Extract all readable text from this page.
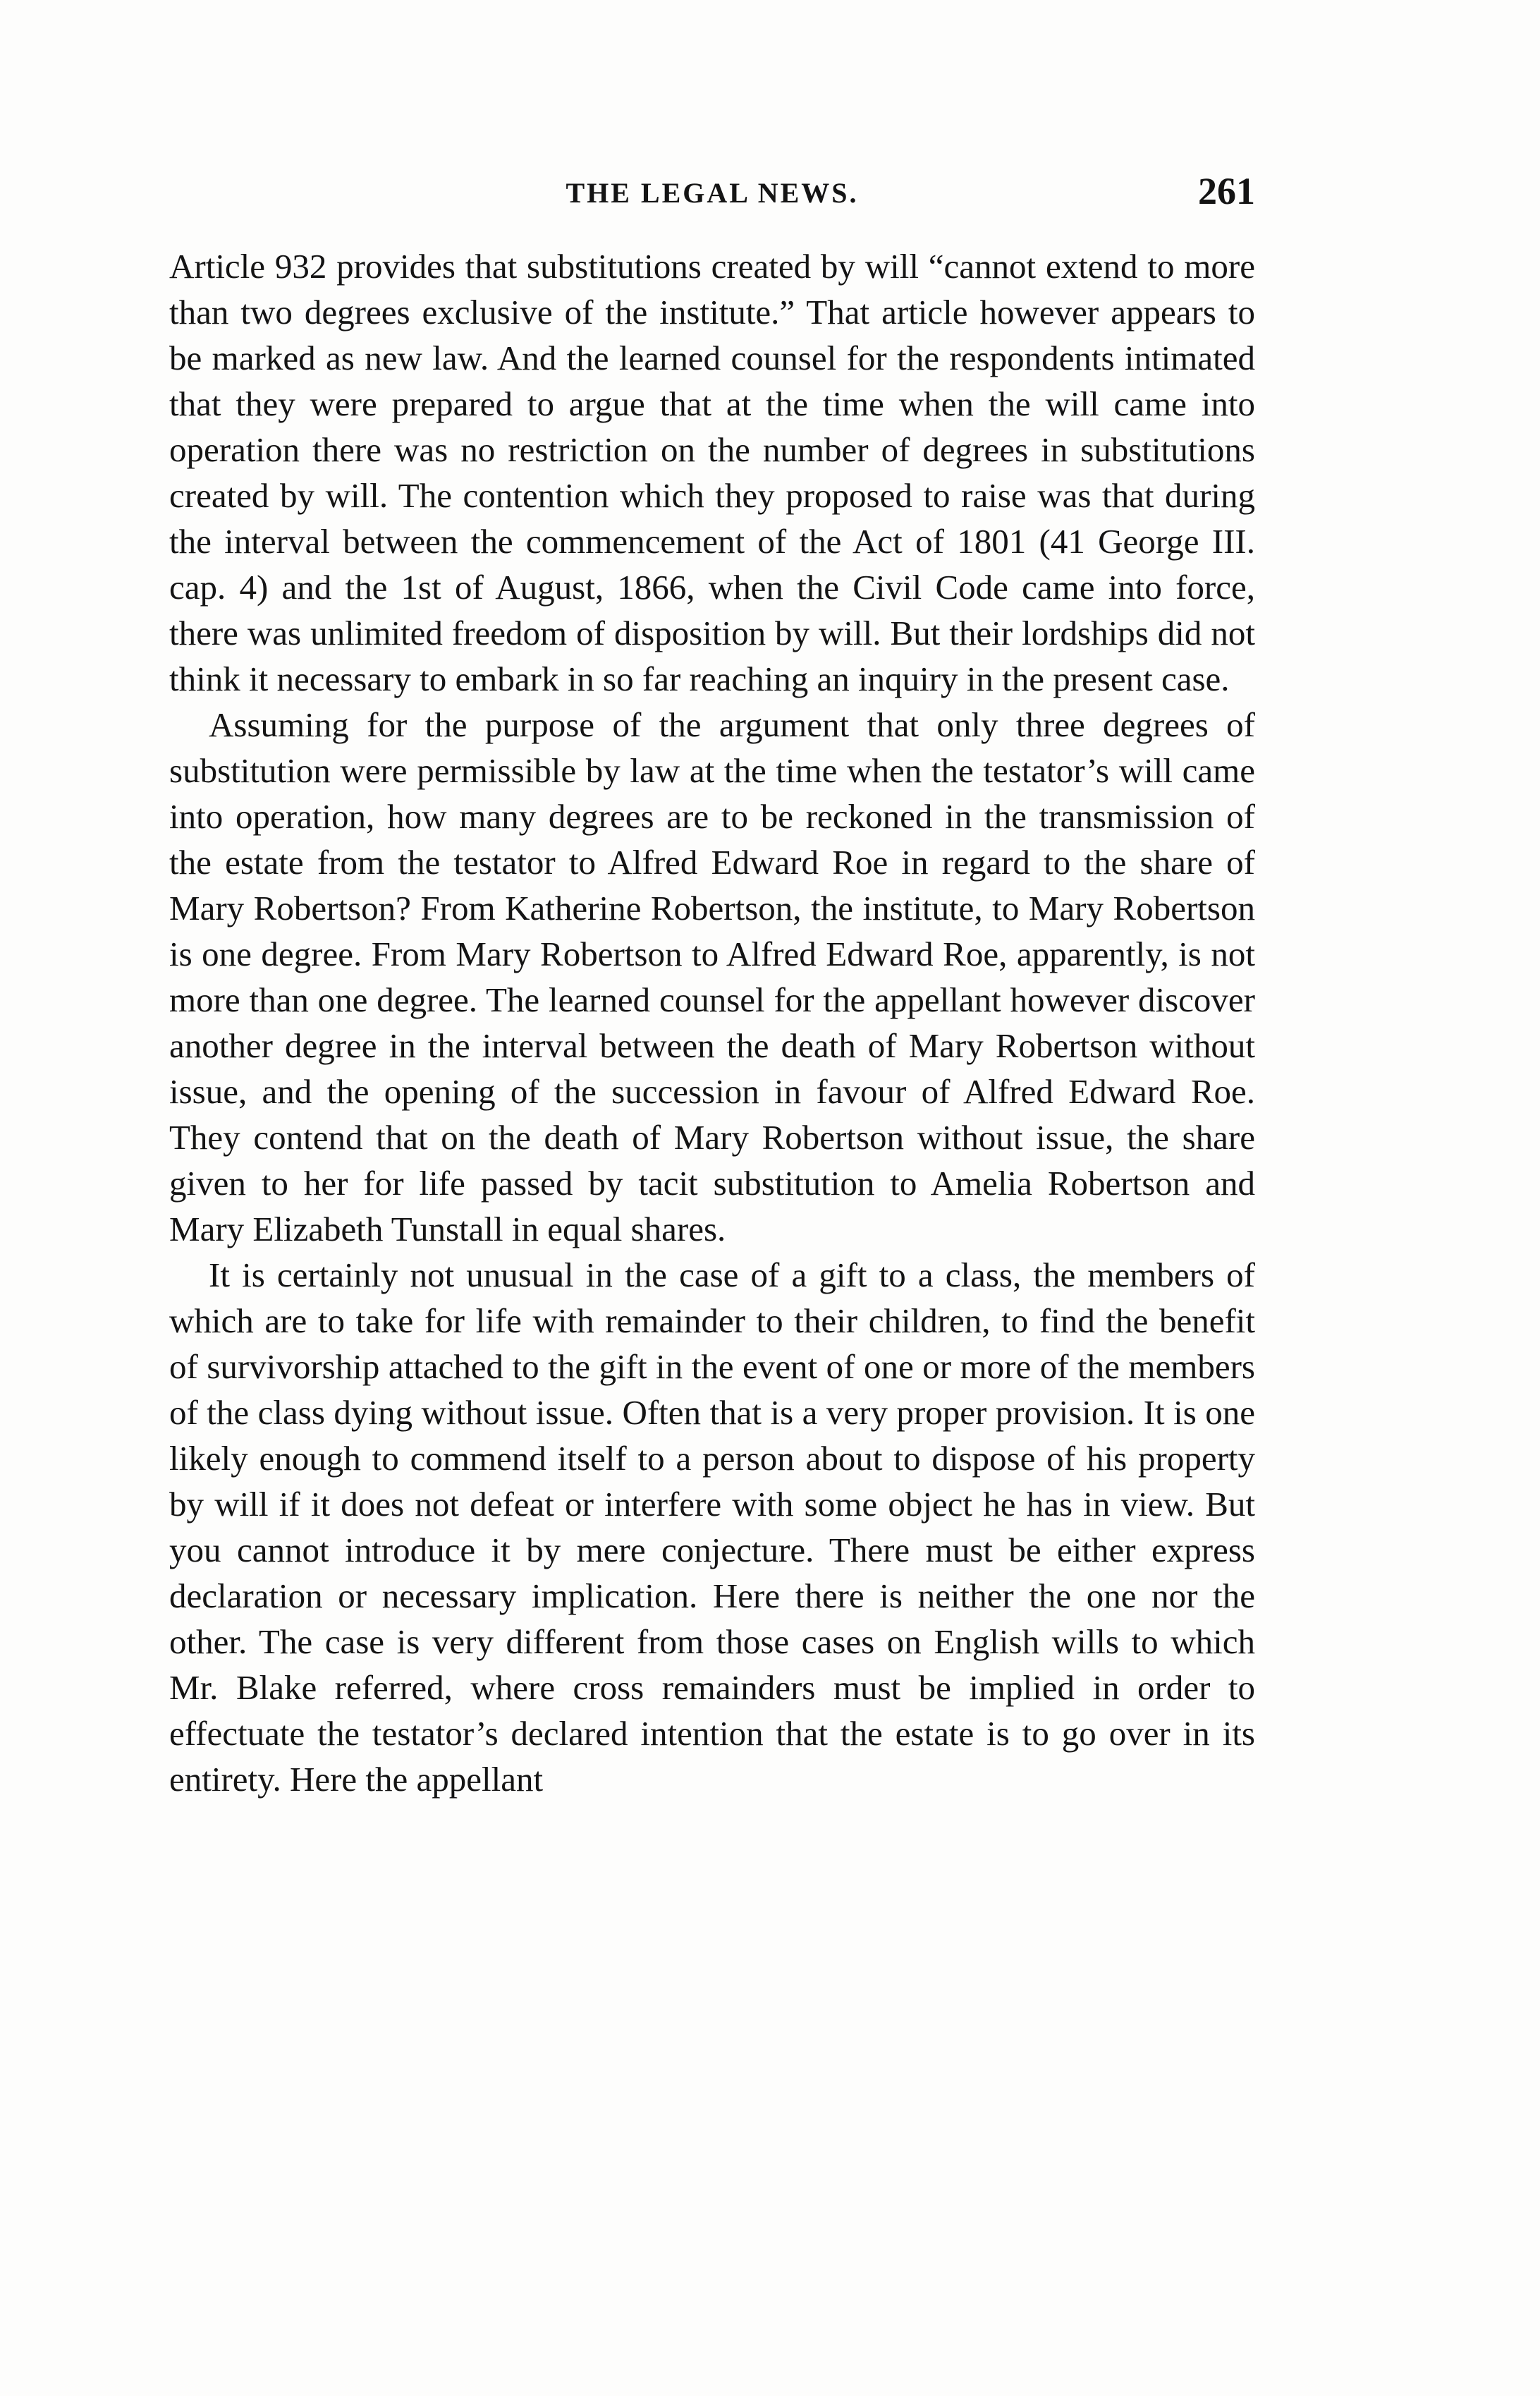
THE LEGAL NEWS.	261

Article 932 provides that substitutions created by will “cannot extend to more than two degrees exclusive of the institute.” That article however appears to be marked as new law. And the learned counsel for the respondents intimated that they were prepared to argue that at the time when the will came into operation there was no restriction on the number of degrees in substitutions created by will. The contention which they proposed to raise was that during the interval between the commencement of the Act of 1801 (41 George III. cap. 4) and the 1st of August, 1866, when the Civil Code came into force, there was unlimited freedom of disposition by will. But their lordships did not think it necessary to embark in so far reaching an inquiry in the present case.

Assuming for the purpose of the argument that only three degrees of substitution were permissible by law at the time when the testator’s will came into operation, how many degrees are to be reckoned in the transmission of the estate from the testator to Alfred Edward Roe in regard to the share of Mary Robertson? From Katherine Robertson, the institute, to Mary Robertson is one degree. From Mary Robertson to Alfred Edward Roe, apparently, is not more than one degree. The learned counsel for the appellant however discover another degree in the interval between the death of Mary Robertson without issue, and the opening of the succession in favour of Alfred Edward Roe. They contend that on the death of Mary Robertson without issue, the share given to her for life passed by tacit substitution to Amelia Robertson and Mary Elizabeth Tunstall in equal shares.

It is certainly not unusual in the case of a gift to a class, the members of which are to take for life with remainder to their children, to find the benefit of survivorship attached to the gift in the event of one or more of the members of the class dying without issue. Often that is a very proper provision. It is one likely enough to commend itself to a person about to dispose of his property by will if it does not defeat or interfere with some object he has in view. But you cannot introduce it by mere conjecture. There must be either express declaration or necessary implication. Here there is neither the one nor the other. The case is very different from those cases on English wills to which Mr. Blake referred, where cross remainders must be implied in order to effectuate the testator’s declared intention that the estate is to go over in its entirety. Here the appellant
